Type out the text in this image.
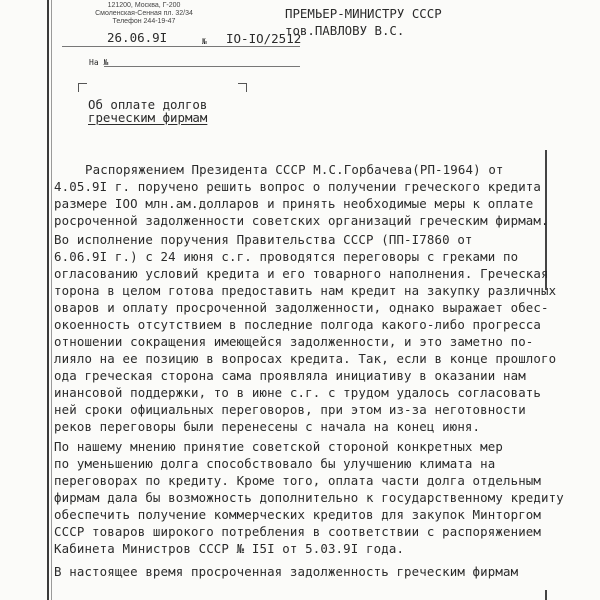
121200, Москва, Г-200
Смоленская-Сенная пл. 32/34
Телефон 244-19-47
26.06.9I	№ IO-IO/2512
На №
ПРЕМЬЕР-МИНИСТРУ СССР
тов.ПАВЛОВУ В.С.
Об оплате долгов
греческим фирмам
Распоряжением Президента СССР М.С.Горбачева(РП-1964) от
4.05.9I г. поручено решить вопрос о получении греческого кредита
размере IOO млн.ам.долларов и принять необходимые меры к оплате
росроченной задолженности советских организаций греческим фирмам.
Во исполнение поручения Правительства СССР (ПП-I7860 от
6.06.9I г.) с 24 июня с.г. проводятся переговоры с греками по
огласованию условий кредита и его товарного наполнения. Греческая
торона в целом готова предоставить нам кредит на закупку различных
оваров и оплату просроченной задолженности, однако выражает обес-
окоенность отсутствием в последние полгода какого-либо прогресса
отношении сокращения имеющейся задолженности, и это заметно по-
лияло на ее позицию в вопросах кредита. Так, если в конце прошлого
ода греческая сторона сама проявляла инициативу в оказании нам
инансовой поддержки, то в июне с.г. с трудом удалось согласовать
ней сроки официальных переговоров, при этом из-за неготовности
реков переговоры были перенесены с начала на конец июня.
По нашему мнению принятие советской стороной конкретных мер
по уменьшению долга способствовало бы улучшению климата на
переговорах по кредиту. Кроме того, оплата части долга отдельным
фирмам дала бы возможность дополнительно к государственному кредиту
обеспечить получение коммерческих кредитов для закупок Минторгом
СССР товаров широкого потребления в соответствии с распоряжением
Кабинета Министров СССР № I5I от 5.03.9I года.
В настоящее время просроченная задолженность греческим фирмам
